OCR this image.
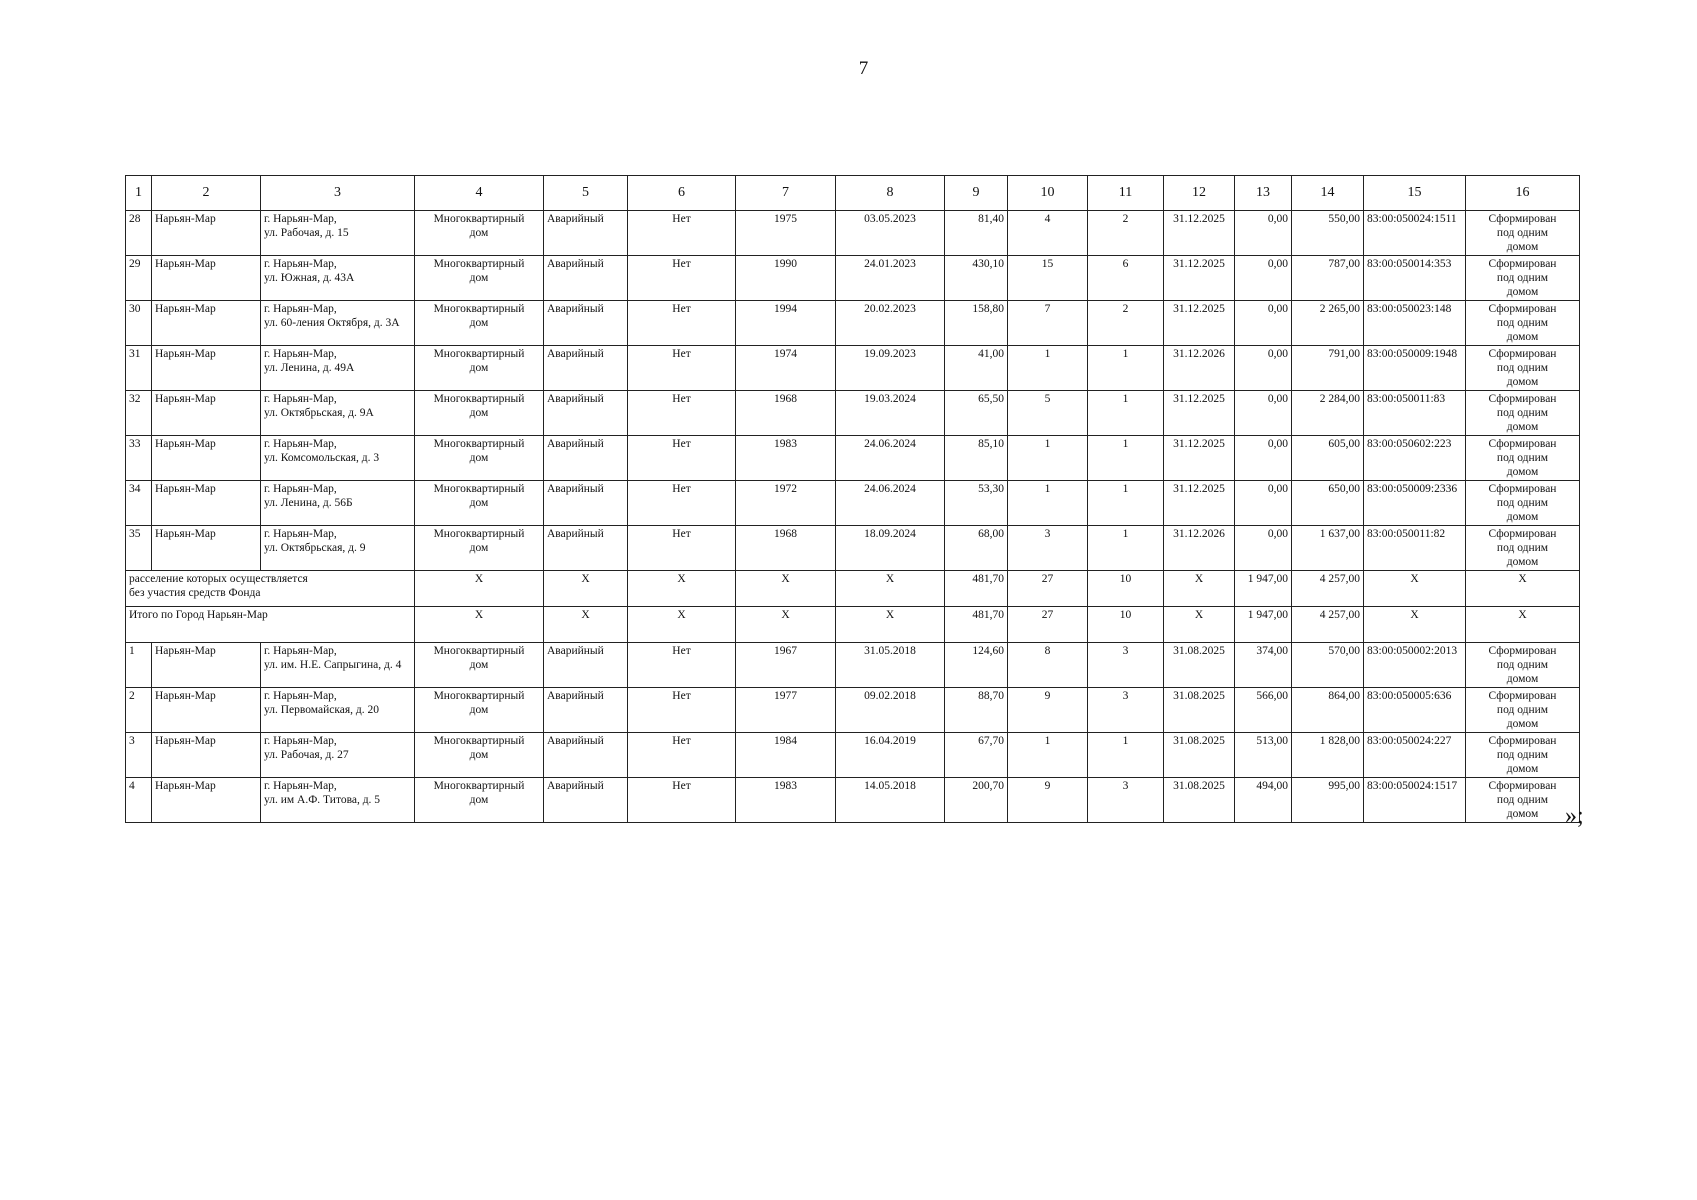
7
1	2	3	4	5	6	7	8	9	10	11	12	13	14	15	16
28	Нарьян-Мар	г. Нарьян-Мар,
ул. Рабочая, д. 15	Многоквартирный
дом	Аварийный	Нет	1975	03.05.2023	81,40	4	2	31.12.2025	0,00	550,00	83:00:050024:1511	Сформирован
под одним
домом
29	Нарьян-Мар	г. Нарьян-Мар,
ул. Южная, д. 43А	Многоквартирный
дом	Аварийный	Нет	1990	24.01.2023	430,10	15	6	31.12.2025	0,00	787,00	83:00:050014:353	Сформирован
под одним
домом
30	Нарьян-Мар	г. Нарьян-Мар,
ул. 60-ления Октября, д. 3А	Многоквартирный
дом	Аварийный	Нет	1994	20.02.2023	158,80	7	2	31.12.2025	0,00	2 265,00	83:00:050023:148	Сформирован
под одним
домом
31	Нарьян-Мар	г. Нарьян-Мар,
ул. Ленина, д. 49А	Многоквартирный
дом	Аварийный	Нет	1974	19.09.2023	41,00	1	1	31.12.2026	0,00	791,00	83:00:050009:1948	Сформирован
под одним
домом
32	Нарьян-Мар	г. Нарьян-Мар,
ул. Октябрьская, д. 9А	Многоквартирный
дом	Аварийный	Нет	1968	19.03.2024	65,50	5	1	31.12.2025	0,00	2 284,00	83:00:050011:83	Сформирован
под одним
домом
33	Нарьян-Мар	г. Нарьян-Мар,
ул. Комсомольская, д. 3	Многоквартирный
дом	Аварийный	Нет	1983	24.06.2024	85,10	1	1	31.12.2025	0,00	605,00	83:00:050602:223	Сформирован
под одним
домом
34	Нарьян-Мар	г. Нарьян-Мар,
ул. Ленина, д. 56Б	Многоквартирный
дом	Аварийный	Нет	1972	24.06.2024	53,30	1	1	31.12.2025	0,00	650,00	83:00:050009:2336	Сформирован
под одним
домом
35	Нарьян-Мар	г. Нарьян-Мар,
ул. Октябрьская, д. 9	Многоквартирный
дом	Аварийный	Нет	1968	18.09.2024	68,00	3	1	31.12.2026	0,00	1 637,00	83:00:050011:82	Сформирован
под одним
домом
расселение которых осуществляется
без участия средств Фонда			X	X	X	X	X	481,70	27	10	X	1 947,00	4 257,00	X	X
Итого по Город Нарьян-Мар			X	X	X	X	X	481,70	27	10	X	1 947,00	4 257,00	X	X
1	Нарьян-Мар	г. Нарьян-Мар,
ул. им. Н.Е. Сапрыгина, д. 4	Многоквартирный
дом	Аварийный	Нет	1967	31.05.2018	124,60	8	3	31.08.2025	374,00	570,00	83:00:050002:2013	Сформирован
под одним
домом
2	Нарьян-Мар	г. Нарьян-Мар,
ул. Первомайская, д. 20	Многоквартирный
дом	Аварийный	Нет	1977	09.02.2018	88,70	9	3	31.08.2025	566,00	864,00	83:00:050005:636	Сформирован
под одним
домом
3	Нарьян-Мар	г. Нарьян-Мар,
ул. Рабочая, д. 27	Многоквартирный
дом	Аварийный	Нет	1984	16.04.2019	67,70	1	1	31.08.2025	513,00	1 828,00	83:00:050024:227	Сформирован
под одним
домом
4	Нарьян-Мар	г. Нарьян-Мар,
ул. им А.Ф. Титова, д. 5	Многоквартирный
дом	Аварийный	Нет	1983	14.05.2018	200,70	9	3	31.08.2025	494,00	995,00	83:00:050024:1517	Сформирован
под одним
домом »;
